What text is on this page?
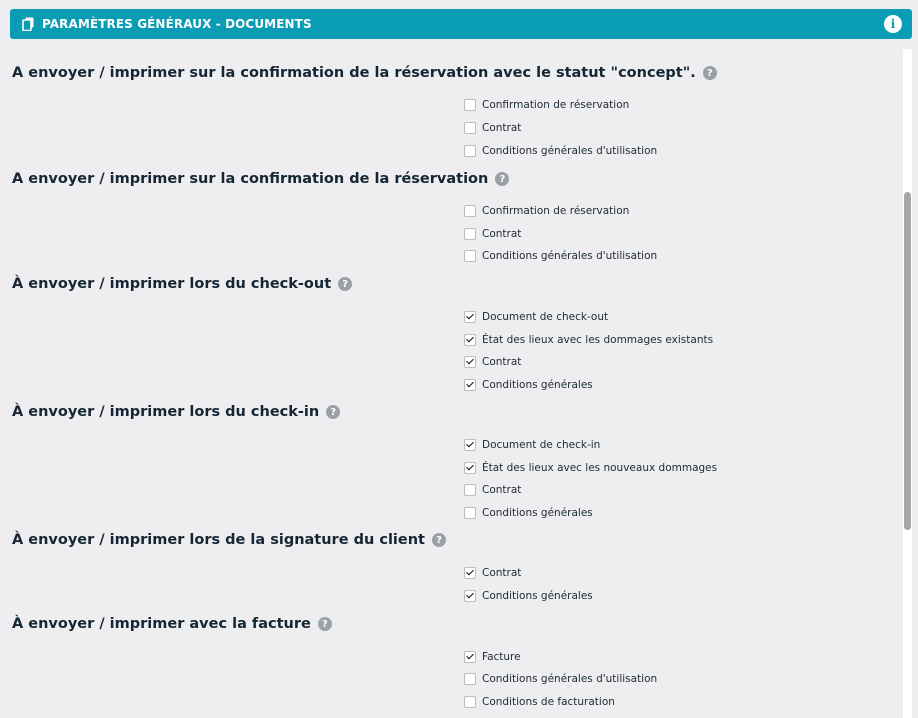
PARAMÈTRES GÉNÉRAUX - DOCUMENTS	i
A envoyer / imprimer sur la confirmation de la réservation avec le statut "concept".	?
Confirmation de réservation
Contrat
Conditions générales d'utilisation
A envoyer / imprimer sur la confirmation de la réservation	?
Confirmation de réservation
Contrat
Conditions générales d'utilisation
À envoyer / imprimer lors du check-out	?
Document de check-out
État des lieux avec les dommages existants
Contrat
Conditions générales
À envoyer / imprimer lors du check-in	?
Document de check-in
État des lieux avec les nouveaux dommages
Contrat
Conditions générales
À envoyer / imprimer lors de la signature du client	?
Contrat
Conditions générales
À envoyer / imprimer avec la facture	?
Facture
Conditions générales d'utilisation
Conditions de facturation
